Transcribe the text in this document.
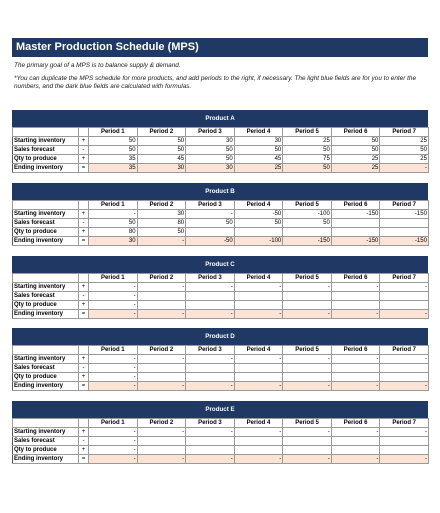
Master Production Schedule (MPS)

The primary goal of a MPS is to balance supply & demand.

*You can duplicate the MPS schedule for more products, and add periods to the right, if necessary. The light blue fields are for you to enter the numbers, and the dark blue fields are calculated with formulas.

Product A
		Period 1	Period 2	Period 3	Period 4	Period 5	Period 6	Period 7
Starting inventory	+	50	50	30	30	25	50	25
Sales forecast	-	50	50	50	50	50	50	50
Qty to produce	+	35	45	50	45	75	25	25
Ending inventory	=	35	30	30	25	50	25	-
Product B
		Period 1	Period 2	Period 3	Period 4	Period 5	Period 6	Period 7
Starting inventory	+	-	30	-	-50	-100	-150	-150
Sales forecast	-	50	80	50	50	50		
Qty to produce	+	80	50					
Ending inventory	=	30	-	-50	-100	-150	-150	-150
Product C
		Period 1	Period 2	Period 3	Period 4	Period 5	Period 6	Period 7
Starting inventory	+	-	-	-	-	-	-	-
Sales forecast	-	-						
Qty to produce	+	-						
Ending inventory	=	-	-	-	-	-	-	-
Product D
		Period 1	Period 2	Period 3	Period 4	Period 5	Period 6	Period 7
Starting inventory	+	-	-	-	-	-	-	-
Sales forecast	-	-						
Qty to produce	+	-						
Ending inventory	=	-	-	-	-	-	-	-
Product E
		Period 1	Period 2	Period 3	Period 4	Period 5	Period 6	Period 7
Starting inventory	+	-	-	-	-	-	-	-
Sales forecast	-	-						
Qty to produce	+	-						
Ending inventory	=	-	-	-	-	-	-	-
